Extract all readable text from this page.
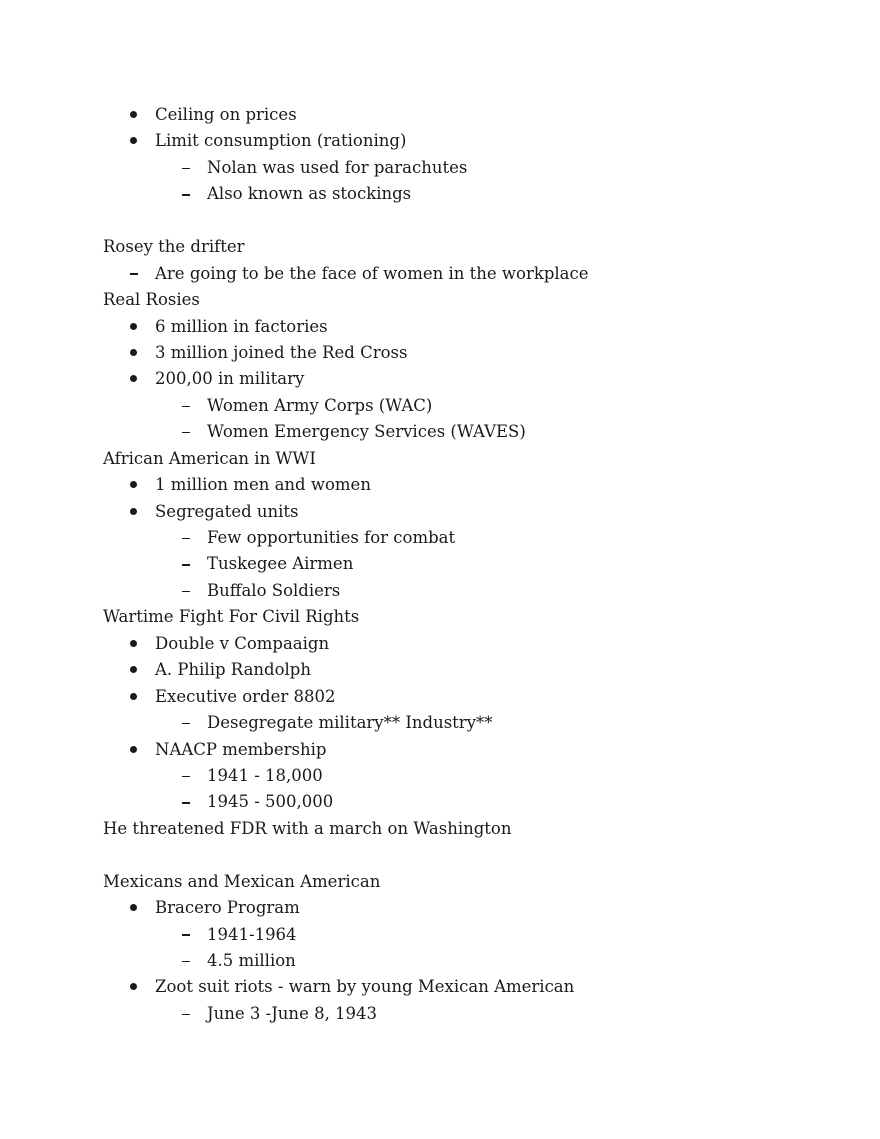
Ceiling on prices
Limit consumption (rationing)
Nolan was used for parachutes
Also known as stockings
Rosey the drifter
Are going to be the face of women in the workplace
Real Rosies
6 million in factories
3 million joined the Red Cross
200,00 in military
Women Army Corps (WAC)
Women Emergency Services (WAVES)
African American in WWI
1 million men and women
Segregated units
Few opportunities for combat
Tuskegee Airmen
Buffalo Soldiers
Wartime Fight For Civil Rights
Double v Compaaign
A. Philip Randolph
Executive order 8802
Desegregate military** Industry**
NAACP membership
1941 - 18,000
1945 - 500,000
He threatened FDR with a march on Washington
Mexicans and Mexican American
Bracero Program
1941-1964
4.5 million
Zoot suit riots - warn by young Mexican American
June 3 -June 8, 1943
